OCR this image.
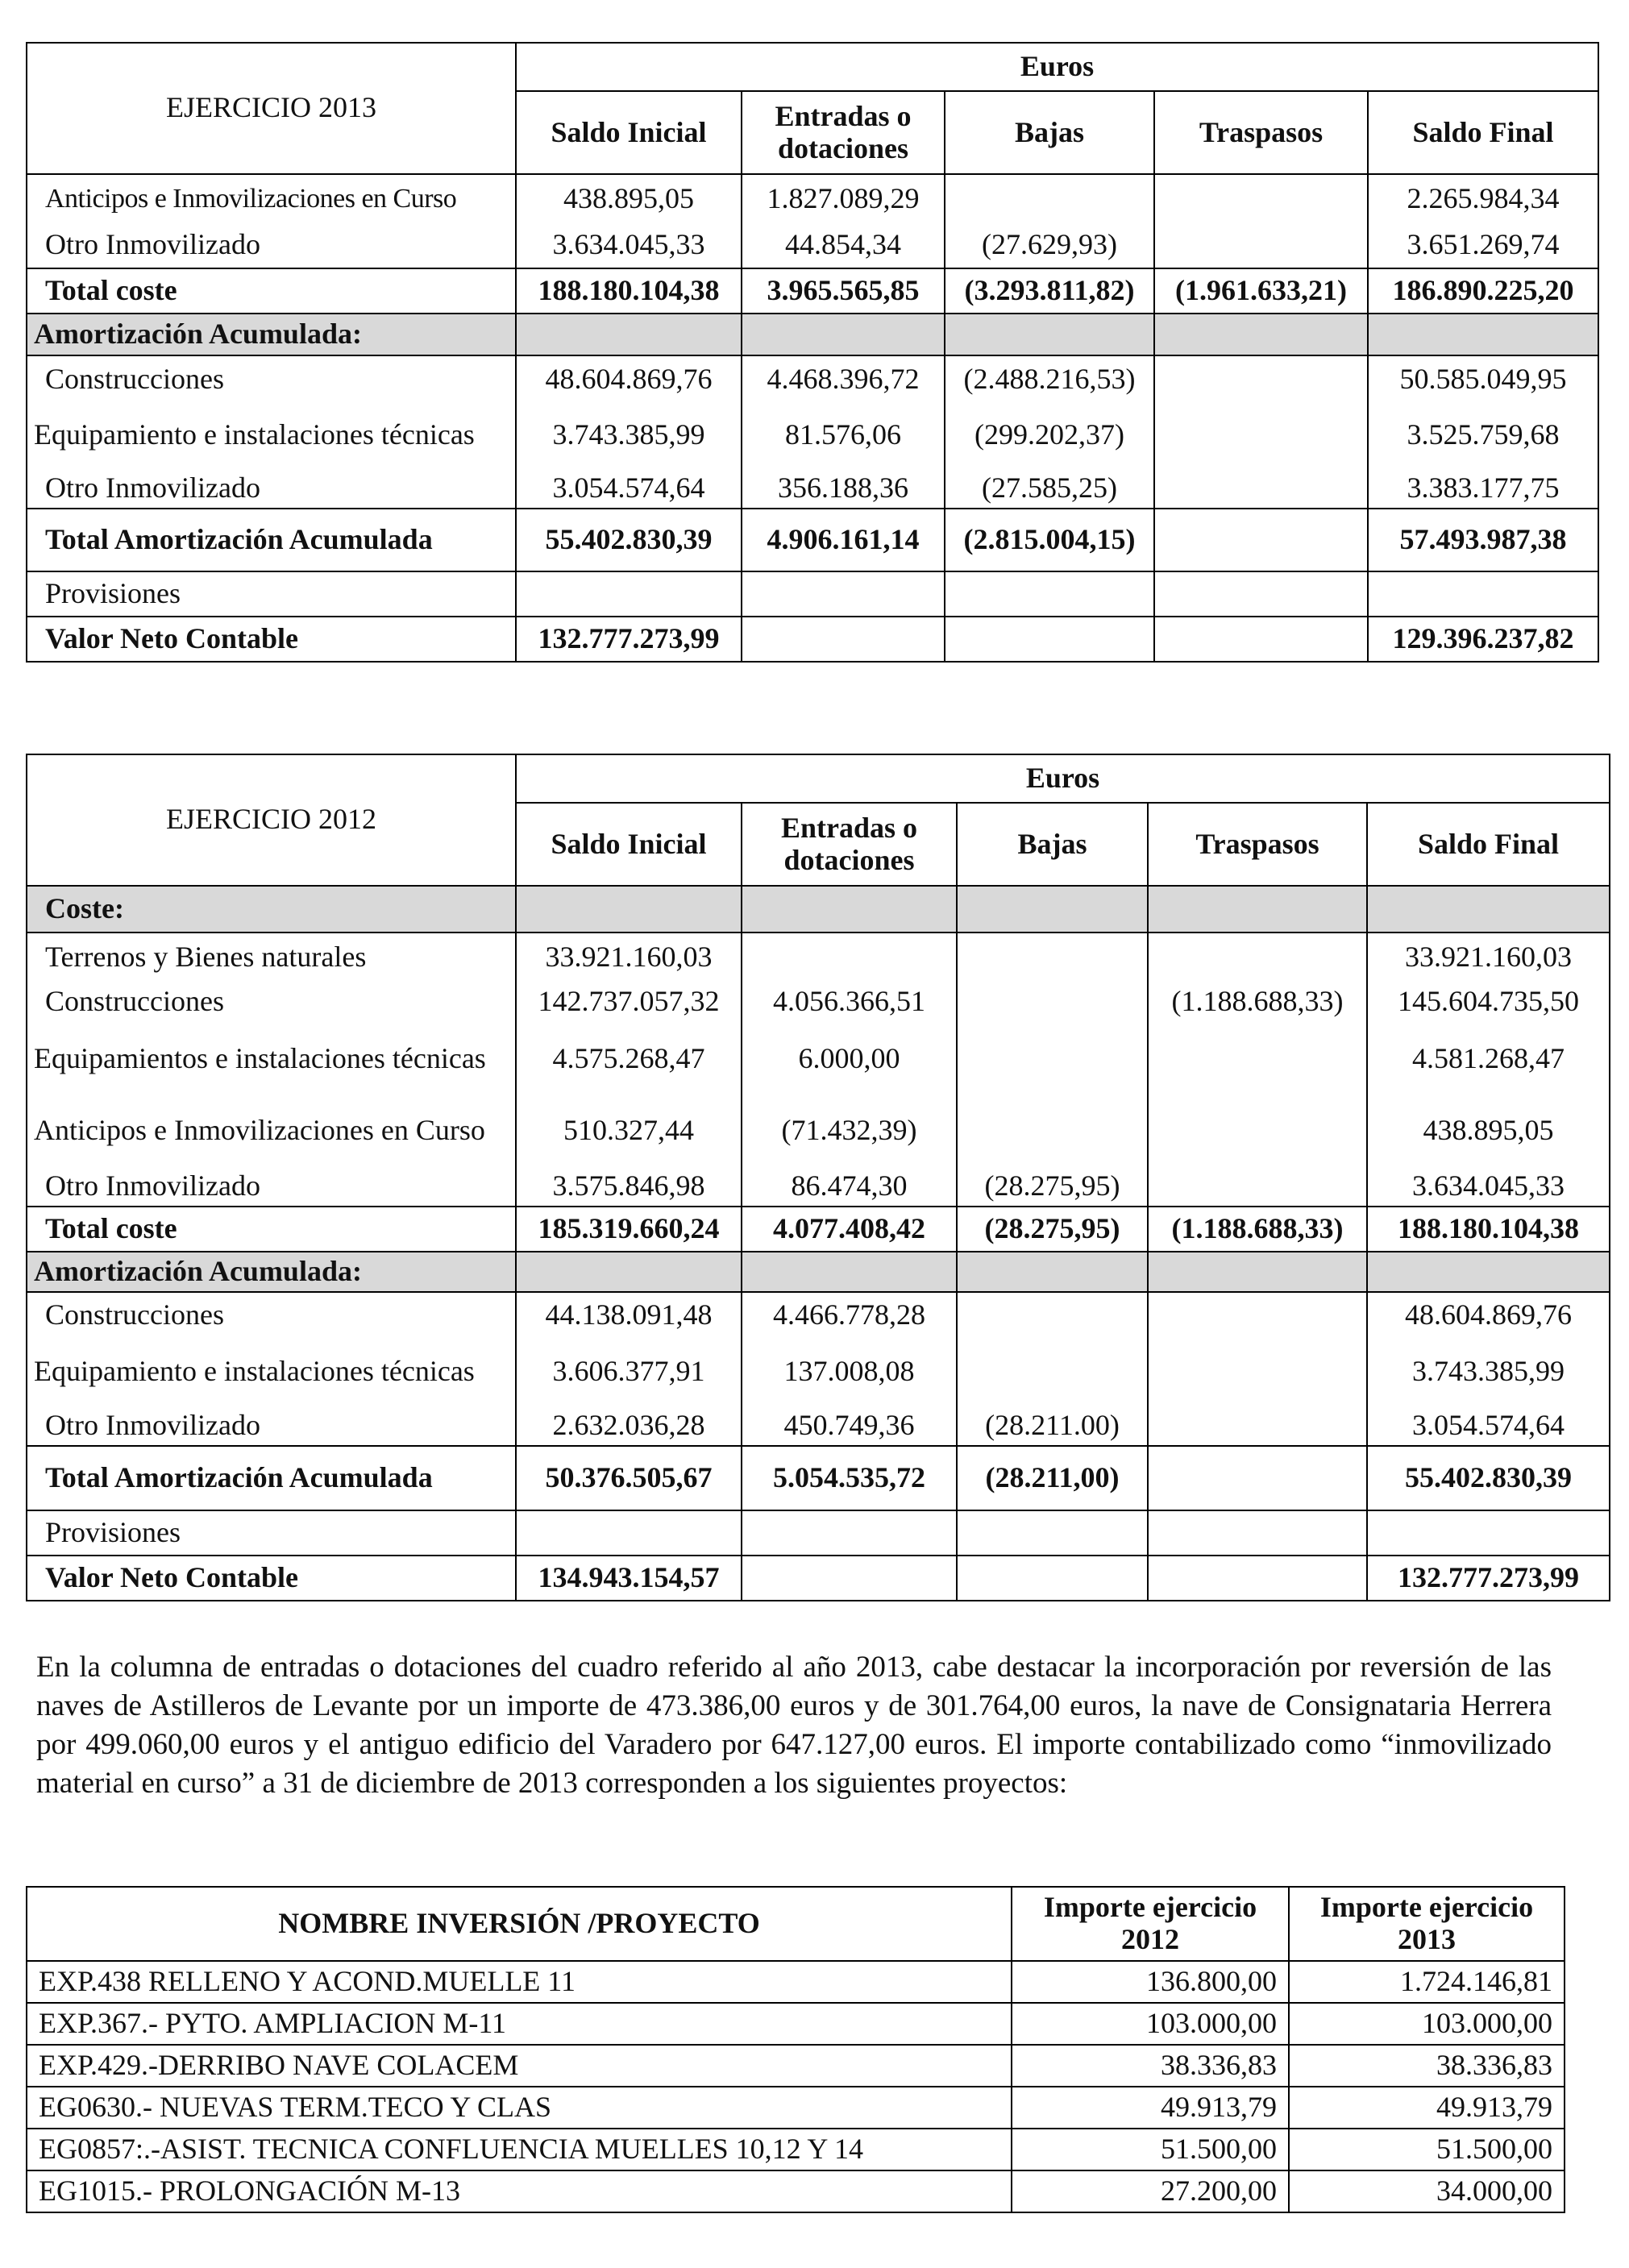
EJERCICIO 2013	Euros				
	Saldo Inicial	Entradas o dotaciones	Bajas	Traspasos	Saldo Final
Anticipos e Inmovilizaciones en Curso	438.895,05	1.827.089,29			2.265.984,34
Otro Inmovilizado	3.634.045,33	44.854,34	(27.629,93)		3.651.269,74
Total coste	188.180.104,38	3.965.565,85	(3.293.811,82)	(1.961.633,21)	186.890.225,20
Amortización Acumulada:					
Construcciones	48.604.869,76	4.468.396,72	(2.488.216,53)		50.585.049,95
Equipamiento e instalaciones técnicas	3.743.385,99	81.576,06	(299.202,37)		3.525.759,68
Otro Inmovilizado	3.054.574,64	356.188,36	(27.585,25)		3.383.177,75
Total Amortización Acumulada	55.402.830,39	4.906.161,14	(2.815.004,15)		57.493.987,38
Provisiones					
Valor Neto Contable	132.777.273,99				129.396.237,82
EJERCICIO 2012	Euros				
	Saldo Inicial	Entradas o dotaciones	Bajas	Traspasos	Saldo Final
Coste:					
Terrenos y Bienes naturales	33.921.160,03				33.921.160,03
Construcciones	142.737.057,32	4.056.366,51		(1.188.688,33)	145.604.735,50
Equipamientos e instalaciones técnicas	4.575.268,47	6.000,00			4.581.268,47
Anticipos e Inmovilizaciones en Curso	510.327,44	(71.432,39)			438.895,05
Otro Inmovilizado	3.575.846,98	86.474,30	(28.275,95)		3.634.045,33
Total coste	185.319.660,24	4.077.408,42	(28.275,95)	(1.188.688,33)	188.180.104,38
Amortización Acumulada:					
Construcciones	44.138.091,48	4.466.778,28			48.604.869,76
Equipamiento e instalaciones técnicas	3.606.377,91	137.008,08			3.743.385,99
Otro Inmovilizado	2.632.036,28	450.749,36	(28.211.00)		3.054.574,64
Total Amortización Acumulada	50.376.505,67	5.054.535,72	(28.211,00)		55.402.830,39
Provisiones					
Valor Neto Contable	134.943.154,57				132.777.273,99
En la columna de entradas o dotaciones del cuadro referido al año 2013, cabe destacar la incorporación por reversión de las naves de Astilleros de Levante por un importe de 473.386,00 euros y de 301.764,00 euros, la nave de Consignataria Herrera por 499.060,00 euros y el antiguo edificio del Varadero por 647.127,00 euros. El importe contabilizado como “inmovilizado material en curso” a 31 de diciembre de 2013 corresponden a los siguientes proyectos:
NOMBRE INVERSIÓN /PROYECTO	Importe ejercicio 2012	Importe ejercicio 2013
EXP.438 RELLENO Y ACOND.MUELLE 11	136.800,00	1.724.146,81
EXP.367.- PYTO. AMPLIACION M-11	103.000,00	103.000,00
EXP.429.-DERRIBO NAVE COLACEM	38.336,83	38.336,83
EG0630.- NUEVAS TERM.TECO Y CLAS	49.913,79	49.913,79
EG0857:.-ASIST. TECNICA CONFLUENCIA MUELLES 10,12 Y 14	51.500,00	51.500,00
EG1015.- PROLONGACIÓN M-13	27.200,00	34.000,00
